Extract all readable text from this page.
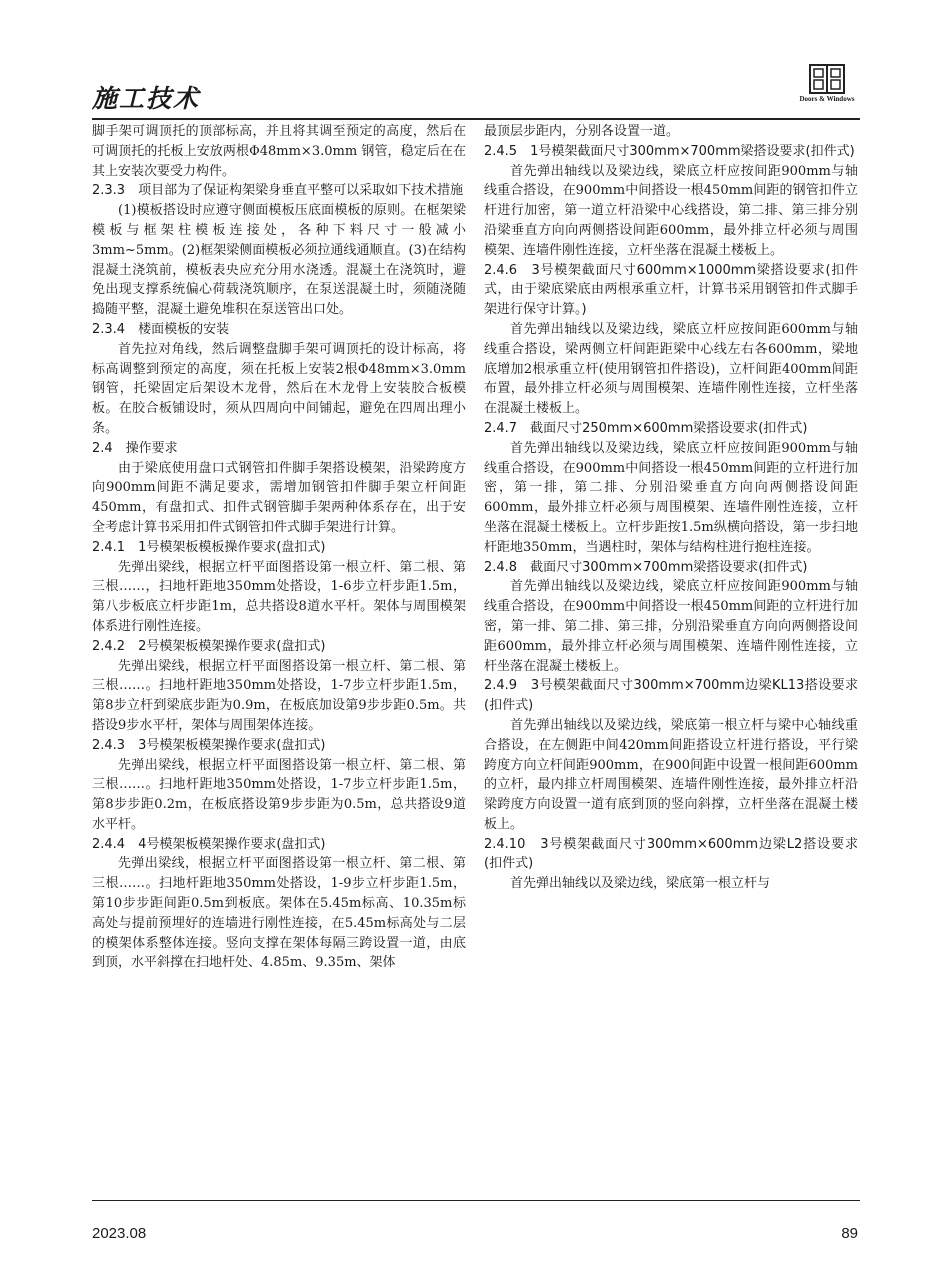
施工技术	Doors & Windows

脚手架可调顶托的顶部标高，并且将其调至预定的高度，然后在可调顶托的托板上安放两根Φ48mm×3.0mm 钢管，稳定后在在其上安装次要受力构件。

2.3.3　项目部为了保证构架梁身垂直平整可以采取如下技术措施

(1)模板搭设时应遵守侧面模板压底面模板的原则。在框架梁模板与框架柱模板连接处，各种下料尺寸一般减小3mm~5mm。(2)框架梁侧面模板必须拉通线通顺直。(3)在结构混凝土浇筑前，模板表央应充分用水浇透。混凝土在浇筑时，避免出现支撑系统偏心荷载浇筑顺序，在泵送混凝土时，须随浇随捣随平整，混凝土避免堆积在泵送管出口处。

2.3.4　楼面模板的安装

首先拉对角线，然后调整盘脚手架可调顶托的设计标高，将标高调整到预定的高度，须在托板上安装2根Φ48mm×3.0mm钢管，托梁固定后架设木龙骨，然后在木龙骨上安装胶合板模板。在胶合板铺设时，须从四周向中间铺起，避免在四周出理小条。

2.4　操作要求

由于梁底使用盘口式钢管扣件脚手架搭设模架，沿梁跨度方向900mm间距不满足要求，需增加钢管扣件脚手架立杆间距450mm，有盘扣式、扣件式钢管脚手架两种体系存在，出于安全考虑计算书采用扣件式钢管扣件式脚手架进行计算。

2.4.1　1号模架板模板操作要求(盘扣式)

先弹出梁线，根据立杆平面图搭设第一根立杆、第二根、第三根……，扫地杆距地350mm处搭设，1-6步立杆步距1.5m，第八步板底立杆步距1m，总共搭设8道水平杆。架体与周围模架体系进行刚性连接。

2.4.2　2号模架板模架操作要求(盘扣式)

先弹出梁线，根据立杆平面图搭设第一根立杆、第二根、第三根……。扫地杆距地350mm处搭设，1-7步立杆步距1.5m，第8步立杆到梁底步距为0.9m，在板底加设第9步步距0.5m。共搭设9步水平杆，架体与周围架体连接。

2.4.3　3号模架板模架操作要求(盘扣式)

先弹出梁线，根据立杆平面图搭设第一根立杆、第二根、第三根……。扫地杆距地350mm处搭设，1-7步立杆步距1.5m，第8步步距0.2m，在板底搭设第9步步距为0.5m，总共搭设9道水平杆。

2.4.4　4号模架板模架操作要求(盘扣式)

先弹出梁线，根据立杆平面图搭设第一根立杆、第二根、第三根……。扫地杆距地350mm处搭设，1-9步立杆步距1.5m，第10步步距间距0.5m到板底。架体在5.45m标高、10.35m标高处与提前预埋好的连墙进行刚性连接，在5.45m标高处与二层的模架体系整体连接。竖向支撑在架体每隔三跨设置一道，由底到顶，水平斜撑在扫地杆处、4.85m、9.35m、架体

最顶层步距内，分别各设置一道。

2.4.5　1号模架截面尺寸300mm×700mm梁搭设要求(扣件式)

首先弹出轴线以及梁边线，梁底立杆应按间距900mm与轴线重合搭设，在900mm中间搭设一根450mm间距的钢管扣件立杆进行加密，第一道立杆沿梁中心线搭设，第二排、第三排分别沿梁垂直方向向两侧搭设间距600mm，最外排立杆必须与周围模架、连墙件刚性连接，立杆坐落在混凝土楼板上。

2.4.6　3号模架截面尺寸600mm×1000mm梁搭设要求(扣件式，由于梁底梁底由两根承重立杆，计算书采用钢管扣件式脚手架进行保守计算。)

首先弹出轴线以及梁边线，梁底立杆应按间距600mm与轴线重合搭设，梁两侧立杆间距距梁中心线左右各600mm，梁地底增加2根承重立杆(使用钢管扣件搭设)，立杆间距400mm间距布置，最外排立杆必须与周围模架、连墙件刚性连接，立杆坐落在混凝土楼板上。

2.4.7　截面尺寸250mm×600mm梁搭设要求(扣件式)

首先弹出轴线以及梁边线，梁底立杆应按间距900mm与轴线重合搭设，在900mm中间搭设一根450mm间距的立杆进行加密，第一排，第二排、分别沿梁垂直方向向两侧搭设间距600mm，最外排立杆必须与周围模架、连墙件刚性连接，立杆坐落在混凝土楼板上。立杆步距按1.5m纵横向搭设，第一步扫地杆距地350mm，当遇柱时，架体与结构柱进行抱柱连接。

2.4.8　截面尺寸300mm×700mm梁搭设要求(扣件式)

首先弹出轴线以及梁边线，梁底立杆应按间距900mm与轴线重合搭设，在900mm中间搭设一根450mm间距的立杆进行加密，第一排、第二排、第三排，分别沿梁垂直方向向两侧搭设间距600mm，最外排立杆必须与周围模架、连墙件刚性连接，立杆坐落在混凝土楼板上。

2.4.9　3号模架截面尺寸300mm×700mm边梁KL13搭设要求(扣件式)

首先弹出轴线以及梁边线，梁底第一根立杆与梁中心轴线重合搭设，在左侧距中间420mm间距搭设立杆进行搭设，平行梁跨度方向立杆间距900mm，在900间距中设置一根间距600mm的立杆，最内排立杆周围模架、连墙件刚性连接，最外排立杆沿梁跨度方向设置一道有底到顶的竖向斜撑，立杆坐落在混凝土楼板上。

2.4.10　3号模架截面尺寸300mm×600mm边梁L2搭设要求(扣件式)

首先弹出轴线以及梁边线，梁底第一根立杆与

2023.08	89
